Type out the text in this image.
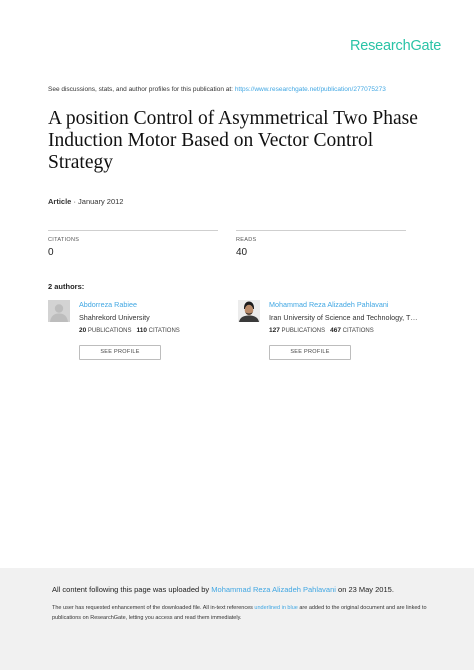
ResearchGate
See discussions, stats, and author profiles for this publication at: https://www.researchgate.net/publication/277075273
A position Control of Asymmetrical Two Phase Induction Motor Based on Vector Control Strategy
Article · January 2012
CITATIONS
0
READS
40
2 authors:
Abdorreza Rabiee
Shahrekord University
20 PUBLICATIONS 110 CITATIONS
SEE PROFILE
Mohammad Reza Alizadeh Pahlavani
Iran University of Science and Technology, T…
127 PUBLICATIONS 467 CITATIONS
SEE PROFILE
All content following this page was uploaded by Mohammad Reza Alizadeh Pahlavani on 23 May 2015.
The user has requested enhancement of the downloaded file. All in-text references underlined in blue are added to the original document and are linked to publications on ResearchGate, letting you access and read them immediately.
